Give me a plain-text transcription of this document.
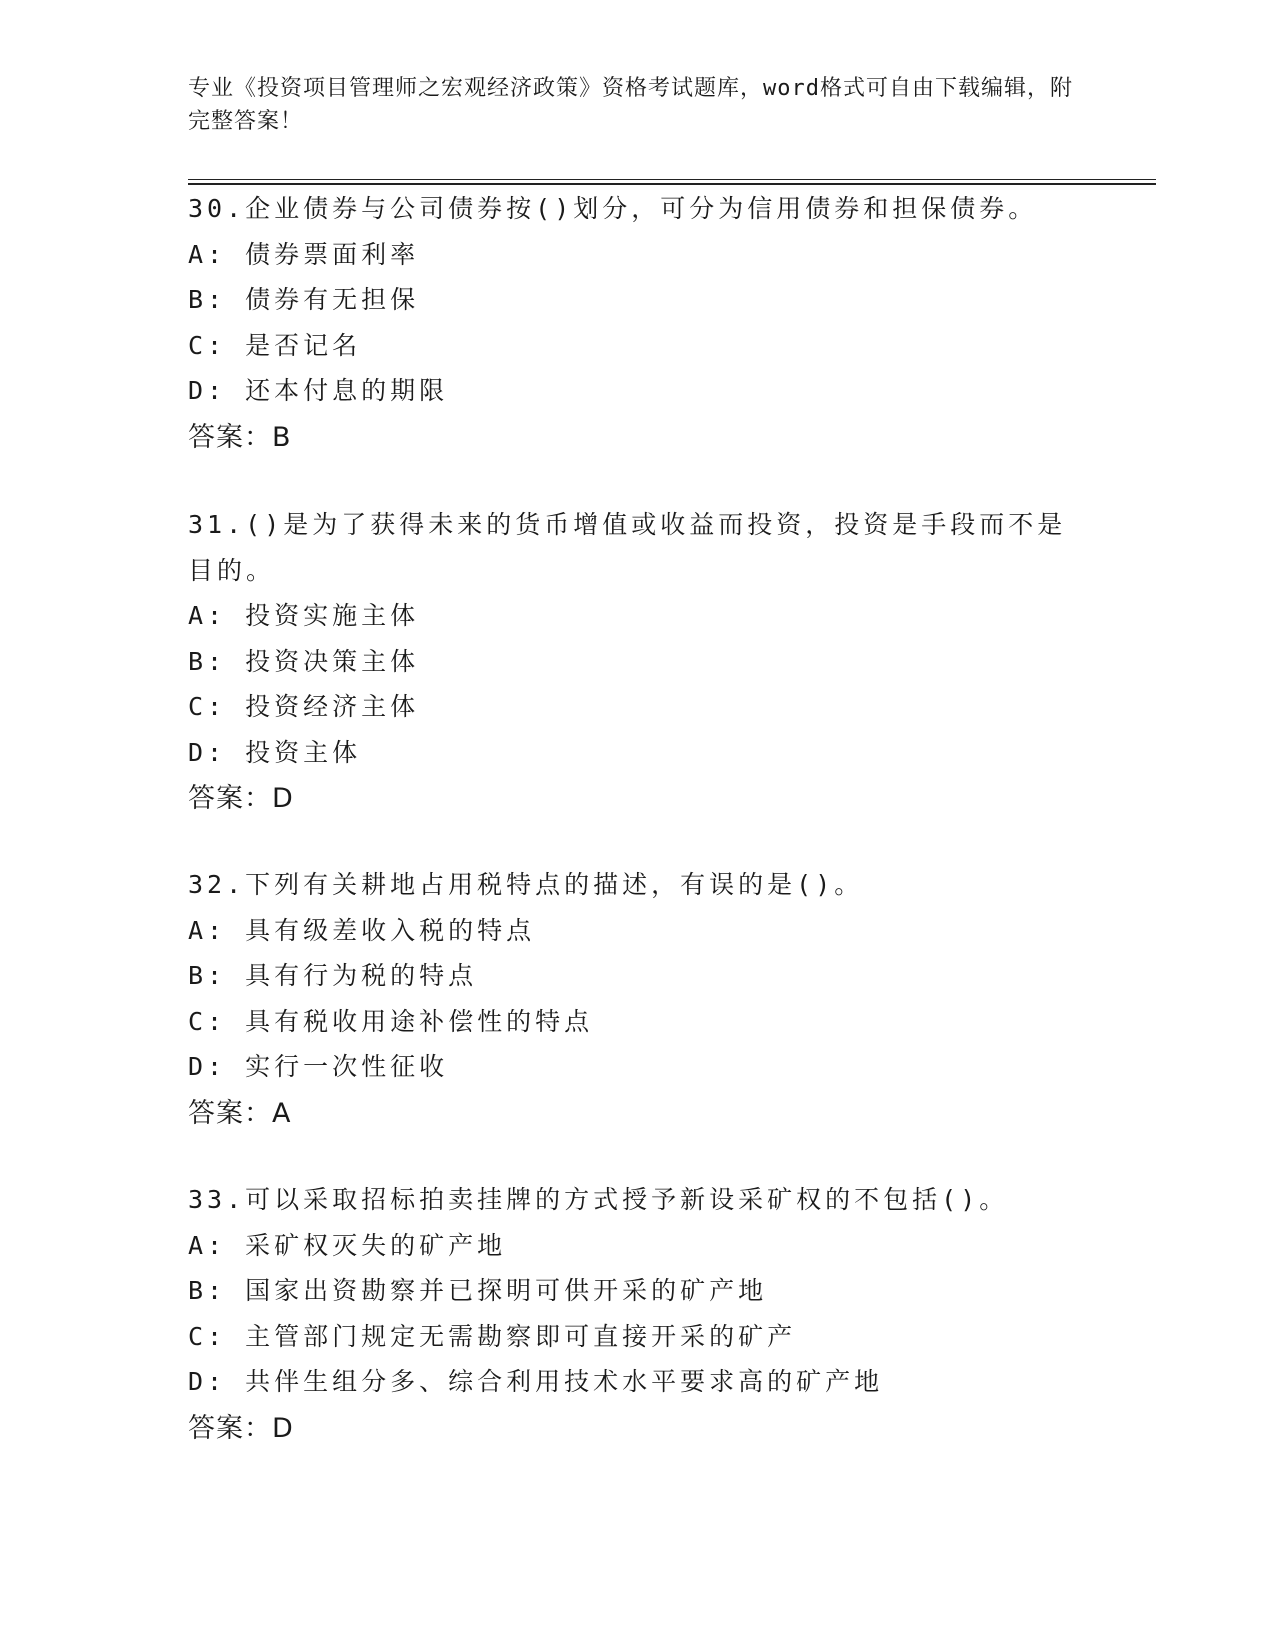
专业《投资项目管理师之宏观经济政策》资格考试题库，word格式可自由下载编辑，附完整答案！
30.企业债券与公司债券按()划分，可分为信用债券和担保债券。
A: 债券票面利率
B: 债券有无担保
C: 是否记名
D: 还本付息的期限
答案：B
31.()是为了获得未来的货币增值或收益而投资，投资是手段而不是目的。
A: 投资实施主体
B: 投资决策主体
C: 投资经济主体
D: 投资主体
答案：D
32.下列有关耕地占用税特点的描述，有误的是()。
A: 具有级差收入税的特点
B: 具有行为税的特点
C: 具有税收用途补偿性的特点
D: 实行一次性征收
答案：A
33.可以采取招标拍卖挂牌的方式授予新设采矿权的不包括()。
A: 采矿权灭失的矿产地
B: 国家出资勘察并已探明可供开采的矿产地
C: 主管部门规定无需勘察即可直接开采的矿产
D: 共伴生组分多、综合利用技术水平要求高的矿产地
答案：D
